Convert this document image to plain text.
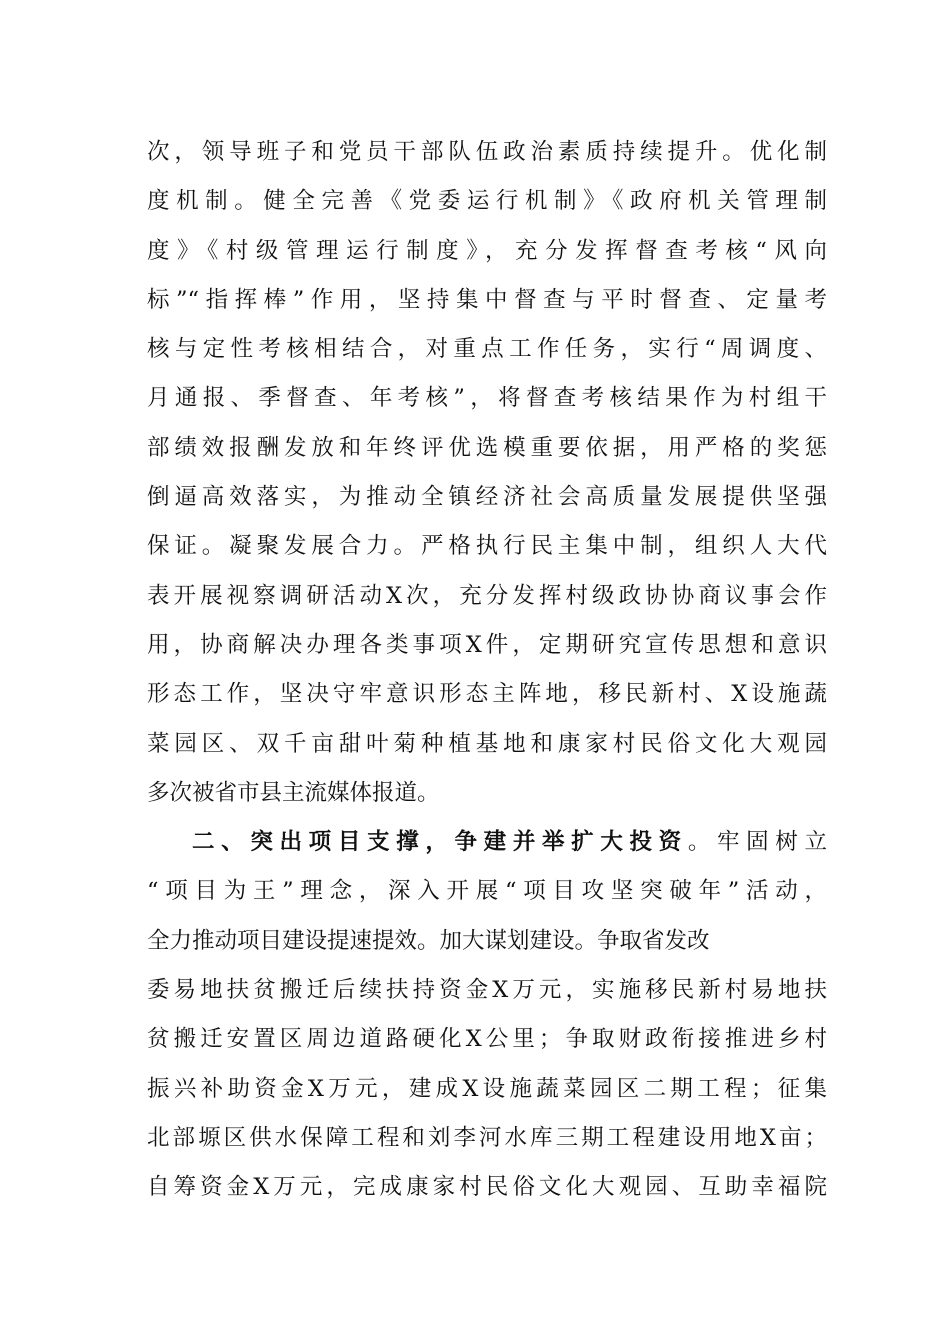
次，领导班子和党员干部队伍政治素质持续提升。优化制
度机制。健全完善《党委运行机制》《政府机关管理制
度》《村级管理运行制度》，充分发挥督查考核“风向
标”“指挥棒”作用，坚持集中督查与平时督查、定量考
核与定性考核相结合，对重点工作任务，实行“周调度、
月通报、季督查、年考核”，将督查考核结果作为村组干
部绩效报酬发放和年终评优选模重要依据，用严格的奖惩
倒逼高效落实，为推动全镇经济社会高质量发展提供坚强
保证。凝聚发展合力。严格执行民主集中制，组织人大代
表开展视察调研活动X次，充分发挥村级政协协商议事会作
用，协商解决办理各类事项X件，定期研究宣传思想和意识
形态工作，坚决守牢意识形态主阵地，移民新村、X设施蔬
菜园区、双千亩甜叶菊种植基地和康家村民俗文化大观园
多次被省市县主流媒体报道。
二、突出项目支撑，争建并举扩大投资。牢固树立
“项目为王”理念，深入开展“项目攻坚突破年”活动，
全力推动项目建设提速提效。加大谋划建设。争取省发改
委易地扶贫搬迁后续扶持资金X万元，实施移民新村易地扶
贫搬迁安置区周边道路硬化X公里；争取财政衔接推进乡村
振兴补助资金X万元，建成X设施蔬菜园区二期工程；征集
北部塬区供水保障工程和刘李河水库三期工程建设用地X亩；
自筹资金X万元，完成康家村民俗文化大观园、互助幸福院
